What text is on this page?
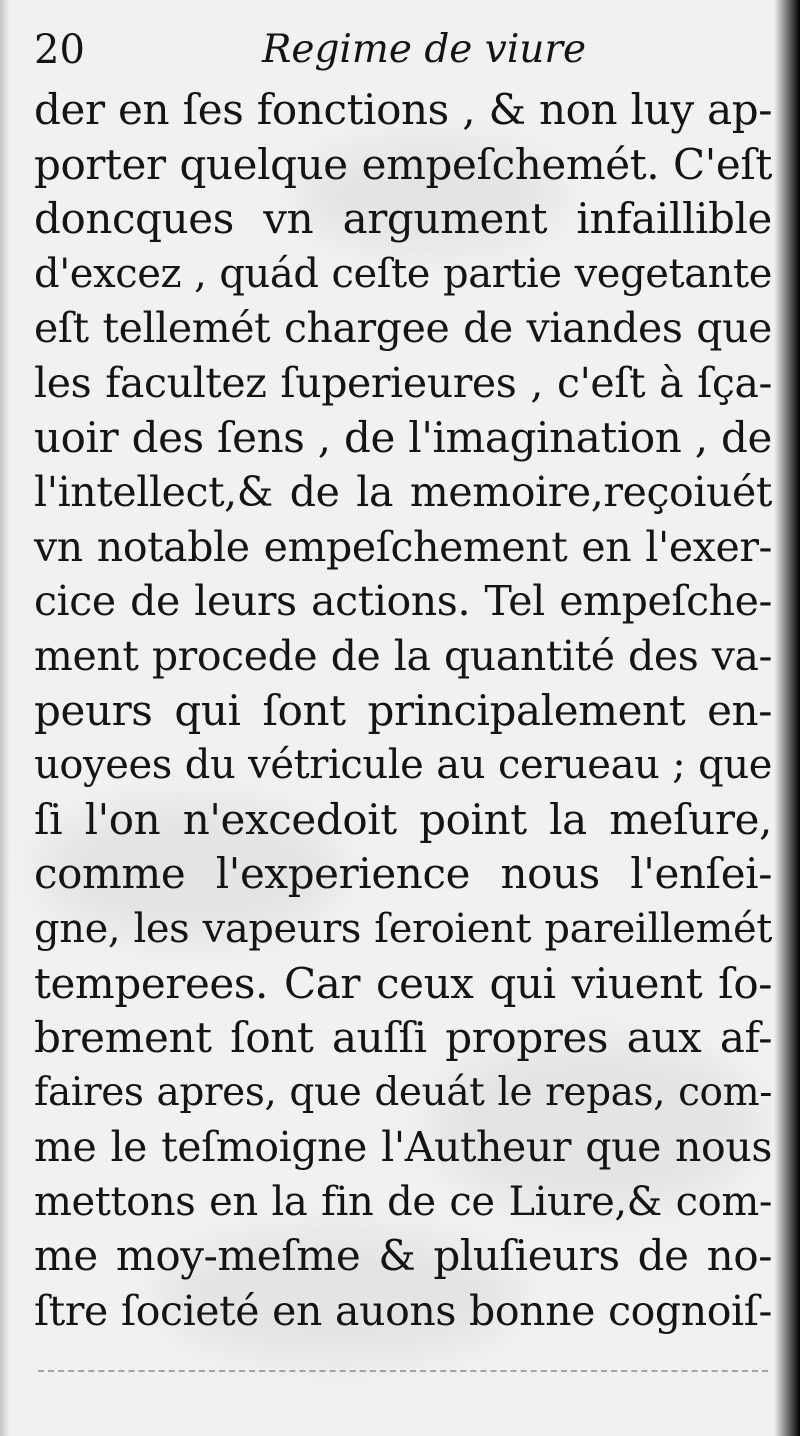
20	Regime de viure
der en ſes fonctions , & non luy ap-
porter quelque empeſchemét. C'eſt
doncques vn argument infaillible
d'excez , quád ceſte partie vegetante
eſt tellemét chargee de viandes que
les facultez ſuperieures , c'eſt à ſça-
uoir des ſens , de l'imagination , de
l'intellect,& de la memoire,reçoiuét
vn notable empeſchement en l'exer-
cice de leurs actions. Tel empeſche-
ment procede de la quantité des va-
peurs qui ſont principalement en-
uoyees du vétricule au cerueau ; que
ſi l'on n'excedoit point la meſure,
comme l'experience nous l'enſei-
gne, les vapeurs ſeroient pareillemét
temperees. Car ceux qui viuent ſo-
brement ſont auſſi propres aux af-
faires apres, que deuát le repas, com-
me le teſmoigne l'Autheur que nous
mettons en la fin de ce Liure,& com-
me moy-meſme & pluſieurs de no-
ſtre ſocieté en auons bonne cognoiſ-
